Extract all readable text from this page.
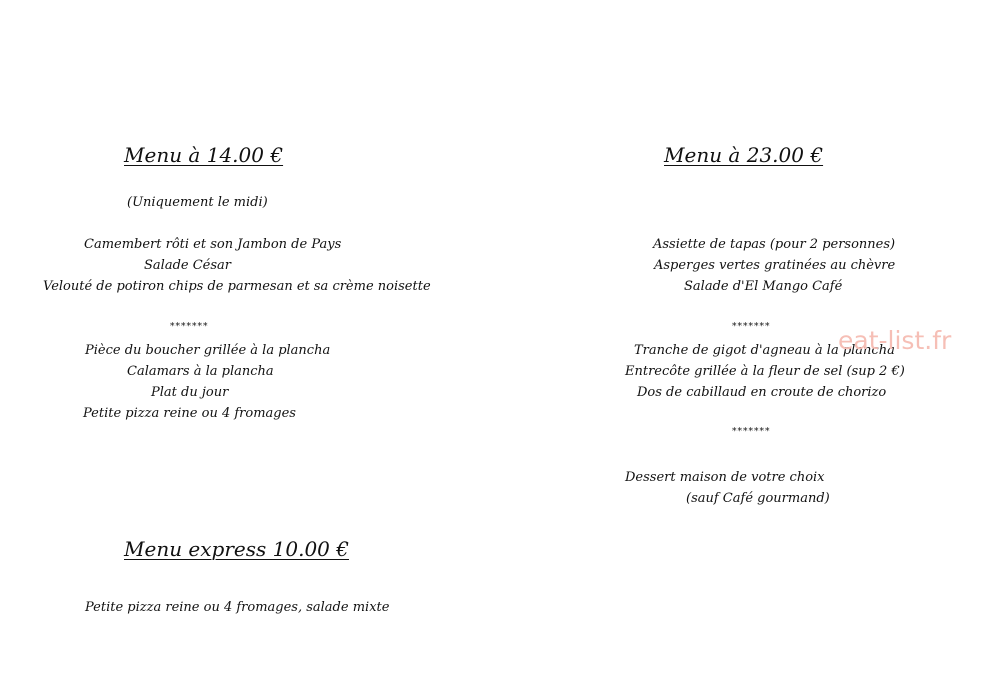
Menu à 14.00 €
(Uniquement le midi)
Camembert rôti et son Jambon de Pays
Salade César
Velouté de potiron chips de parmesan et sa crème noisette
*******
Pièce du boucher grillée à la plancha
Calamars à la plancha
Plat du jour
Petite pizza reine ou 4 fromages
Menu à 23.00 €
Assiette de tapas (pour 2 personnes)
Asperges vertes gratinées au chèvre
Salade d'El Mango Café
*******
Tranche de gigot d'agneau à la plancha
Entrecôte grillée à la fleur de sel (sup 2 €)
Dos de cabillaud en croute de chorizo
*******
Dessert maison de votre choix
(sauf Café gourmand)
Menu express 10.00 €
Petite pizza reine ou 4 fromages, salade mixte
eat-list.fr
